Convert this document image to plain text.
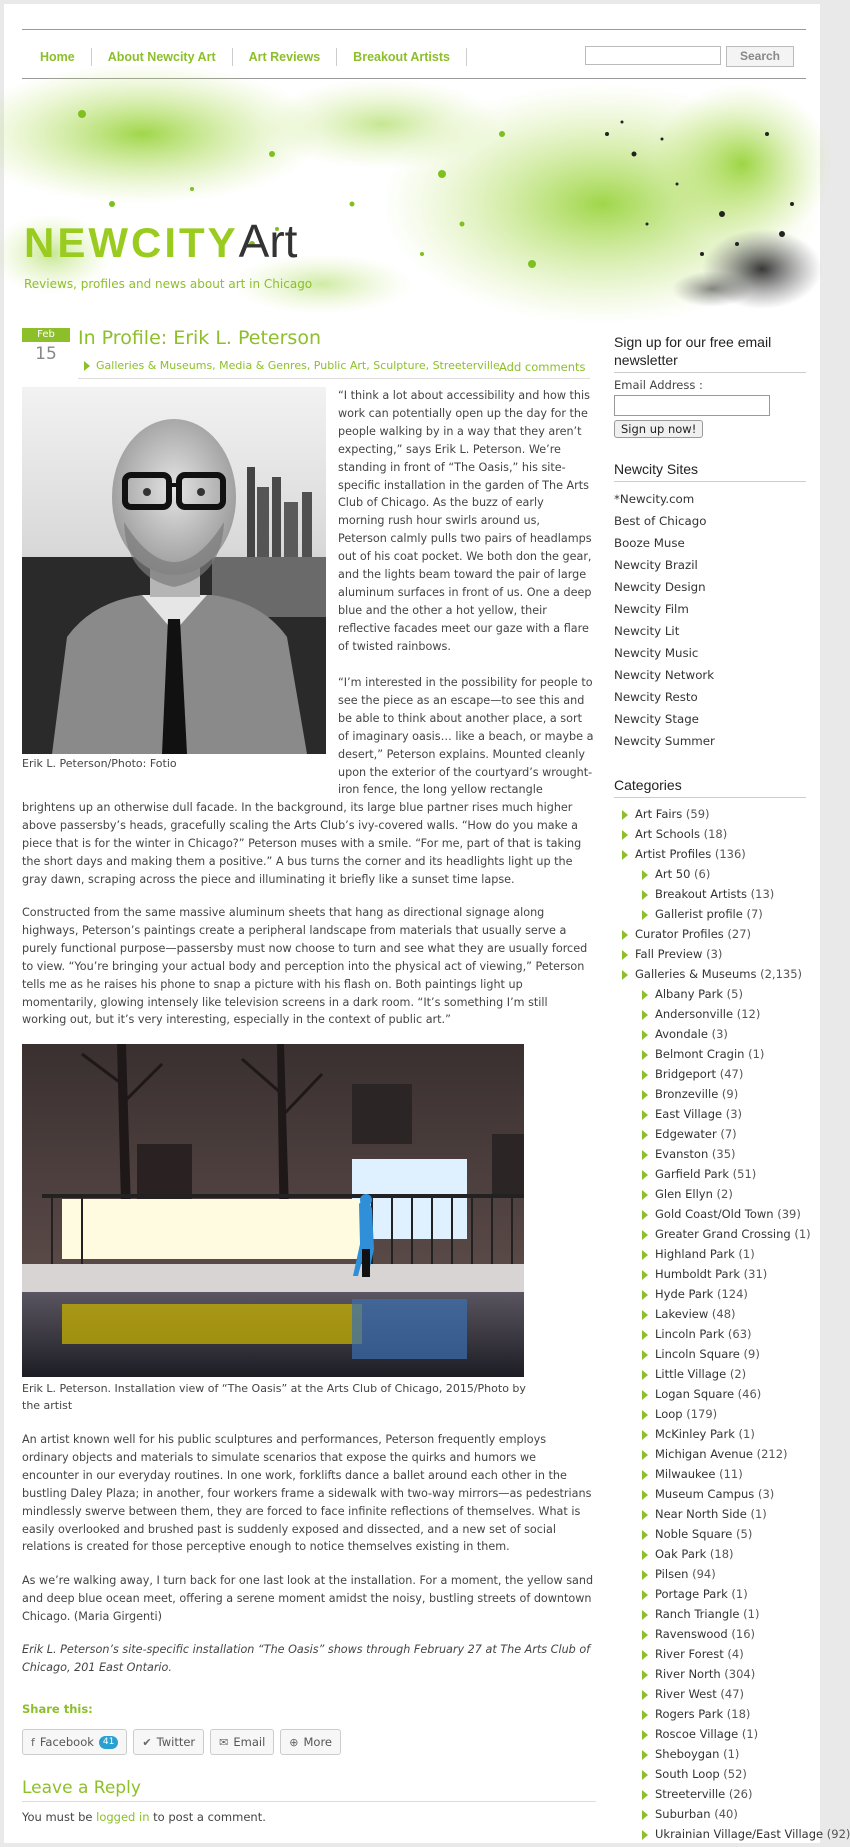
Home	About Newcity Art	Art Reviews	Breakout Artists	Search
NEWCITYArt
Reviews, profiles and news about art in Chicago
Feb
15
In Profile: Erik L. Peterson
Galleries & Museums, Media & Genres, Public Art, Sculpture, Streeterville Add comments
Erik L. Peterson/Photo: Fotio
“I think a lot about accessibility and how this work can potentially open up the day for the people walking by in a way that they aren’t expecting,” says Erik L. Peterson. We’re standing in front of “The Oasis,” his site-specific installation in the garden of The Arts Club of Chicago. As the buzz of early morning rush hour swirls around us, Peterson calmly pulls two pairs of headlamps out of his coat pocket. We both don the gear, and the lights beam toward the pair of large aluminum surfaces in front of us. One a deep blue and the other a hot yellow, their reflective facades meet our gaze with a flare of twisted rainbows.
“I’m interested in the possibility for people to see the piece as an escape—to see this and be able to think about another place, a sort of imaginary oasis… like a beach, or maybe a desert,” Peterson explains. Mounted cleanly upon the exterior of the courtyard’s wrought-iron fence, the long yellow rectangle
brightens up an otherwise dull facade. In the background, its large blue partner rises much higher above passersby’s heads, gracefully scaling the Arts Club’s ivy-covered walls. “How do you make a piece that is for the winter in Chicago?” Peterson muses with a smile. “For me, part of that is taking the short days and making them a positive.” A bus turns the corner and its headlights light up the gray dawn, scraping across the piece and illuminating it briefly like a sunset time lapse.
Constructed from the same massive aluminum sheets that hang as directional signage along highways, Peterson’s paintings create a peripheral landscape from materials that usually serve a purely functional purpose—passersby must now choose to turn and see what they are usually forced to view. “You’re bringing your actual body and perception into the physical act of viewing,” Peterson tells me as he raises his phone to snap a picture with his flash on. Both paintings light up momentarily, glowing intensely like television screens in a dark room. “It’s something I’m still working out, but it’s very interesting, especially in the context of public art.”
Erik L. Peterson. Installation view of “The Oasis” at the Arts Club of Chicago, 2015/Photo by the artist
An artist known well for his public sculptures and performances, Peterson frequently employs ordinary objects and materials to simulate scenarios that expose the quirks and humors we encounter in our everyday routines. In one work, forklifts dance a ballet around each other in the bustling Daley Plaza; in another, four workers frame a sidewalk with two-way mirrors—as pedestrians mindlessly swerve between them, they are forced to face infinite reflections of themselves. What is easily overlooked and brushed past is suddenly exposed and dissected, and a new set of social relations is created for those perceptive enough to notice themselves existing in them.
As we’re walking away, I turn back for one last look at the installation. For a moment, the yellow sand and deep blue ocean meet, offering a serene moment amidst the noisy, bustling streets of downtown Chicago. (Maria Girgenti)
Erik L. Peterson’s site-specific installation “The Oasis” shows through February 27 at The Arts Club of Chicago, 201 East Ontario.
Share this:
f Facebook	41	✔ Twitter ✉ Email ⊕ More
Leave a Reply
You must be logged in to post a comment.
Sign up for our free email newsletter
Email Address :
Sign up now!
Newcity Sites
*Newcity.com
Best of Chicago
Booze Muse
Newcity Brazil
Newcity Design
Newcity Film
Newcity Lit
Newcity Music
Newcity Network
Newcity Resto
Newcity Stage
Newcity Summer
Categories
Art Fairs (59)
Art Schools (18)
Artist Profiles (136)
Art 50 (6)
Breakout Artists (13)
Gallerist profile (7)
Curator Profiles (27)
Fall Preview (3)
Galleries & Museums (2,135)
Albany Park (5)
Andersonville (12)
Avondale (3)
Belmont Cragin (1)
Bridgeport (47)
Bronzeville (9)
East Village (3)
Edgewater (7)
Evanston (35)
Garfield Park (51)
Glen Ellyn (2)
Gold Coast/Old Town (39)
Greater Grand Crossing (1)
Highland Park (1)
Humboldt Park (31)
Hyde Park (124)
Lakeview (48)
Lincoln Park (63)
Lincoln Square (9)
Little Village (2)
Logan Square (46)
Loop (179)
McKinley Park (1)
Michigan Avenue (212)
Milwaukee (11)
Museum Campus (3)
Near North Side (1)
Noble Square (5)
Oak Park (18)
Pilsen (94)
Portage Park (1)
Ranch Triangle (1)
Ravenswood (16)
River Forest (4)
River North (304)
River West (47)
Rogers Park (18)
Roscoe Village (1)
Sheboygan (1)
South Loop (52)
Streeterville (26)
Suburban (40)
Ukrainian Village/East Village (92)
